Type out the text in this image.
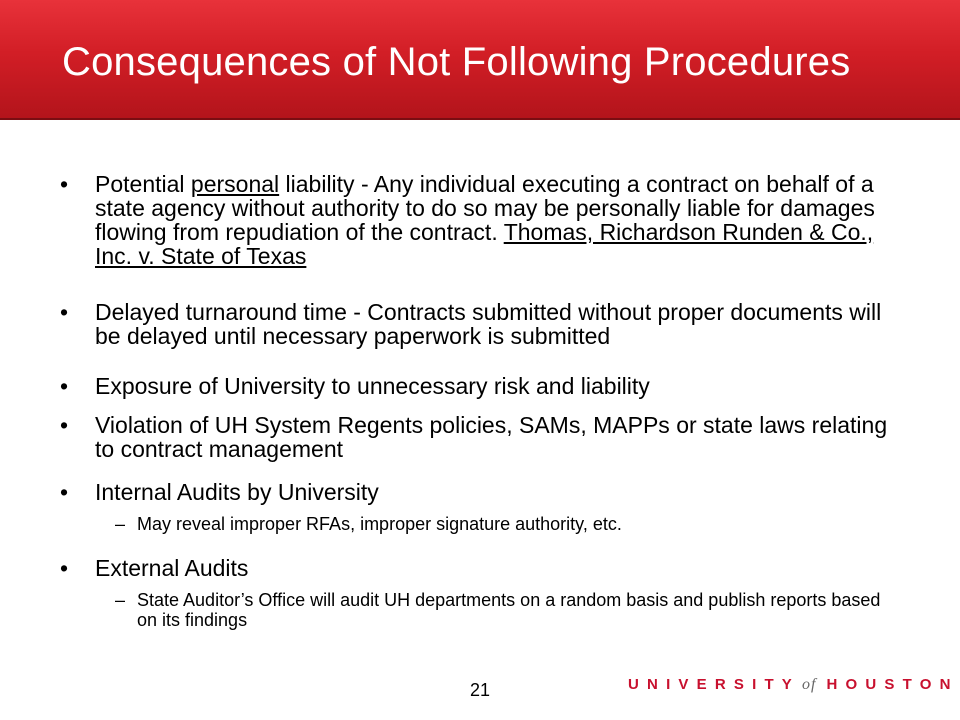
Consequences of Not Following Procedures
• Potential personal liability - Any individual executing a contract on behalf of a state agency without authority to do so may be personally liable for damages flowing from repudiation of the contract. Thomas, Richardson Runden & Co., Inc. v. State of Texas
• Delayed turnaround time - Contracts submitted without proper documents will be delayed until necessary paperwork is submitted
• Exposure of University to unnecessary risk and liability
• Violation of UH System Regents policies, SAMs, MAPPs or state laws relating to contract management
• Internal Audits by University
– May reveal improper RFAs, improper signature authority, etc.
• External Audits
– State Auditor’s Office will audit UH departments on a random basis and publish reports based on its findings
21	UNIVERSITY of HOUSTON
